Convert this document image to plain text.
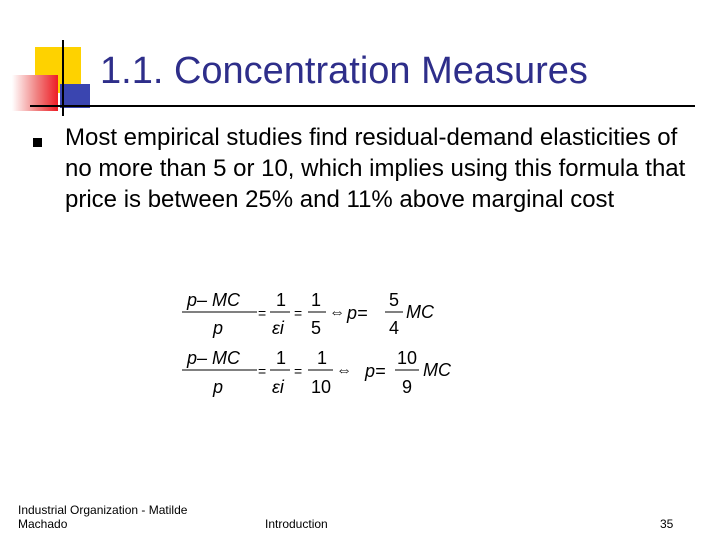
1.1. Concentration Measures
Most empirical studies find residual-demand elasticities of no more than 5 or 10, which implies using this formula that price is between 25% and 11% above marginal cost
p– MC
p
=
1
εi
=
1
5
⇔ p=
5
4
MC
p– MC
p
=
1
εi
=
1
10
⇔ p=
10
9
MC
Industrial Organization - Matilde Machado	Introduction	35
